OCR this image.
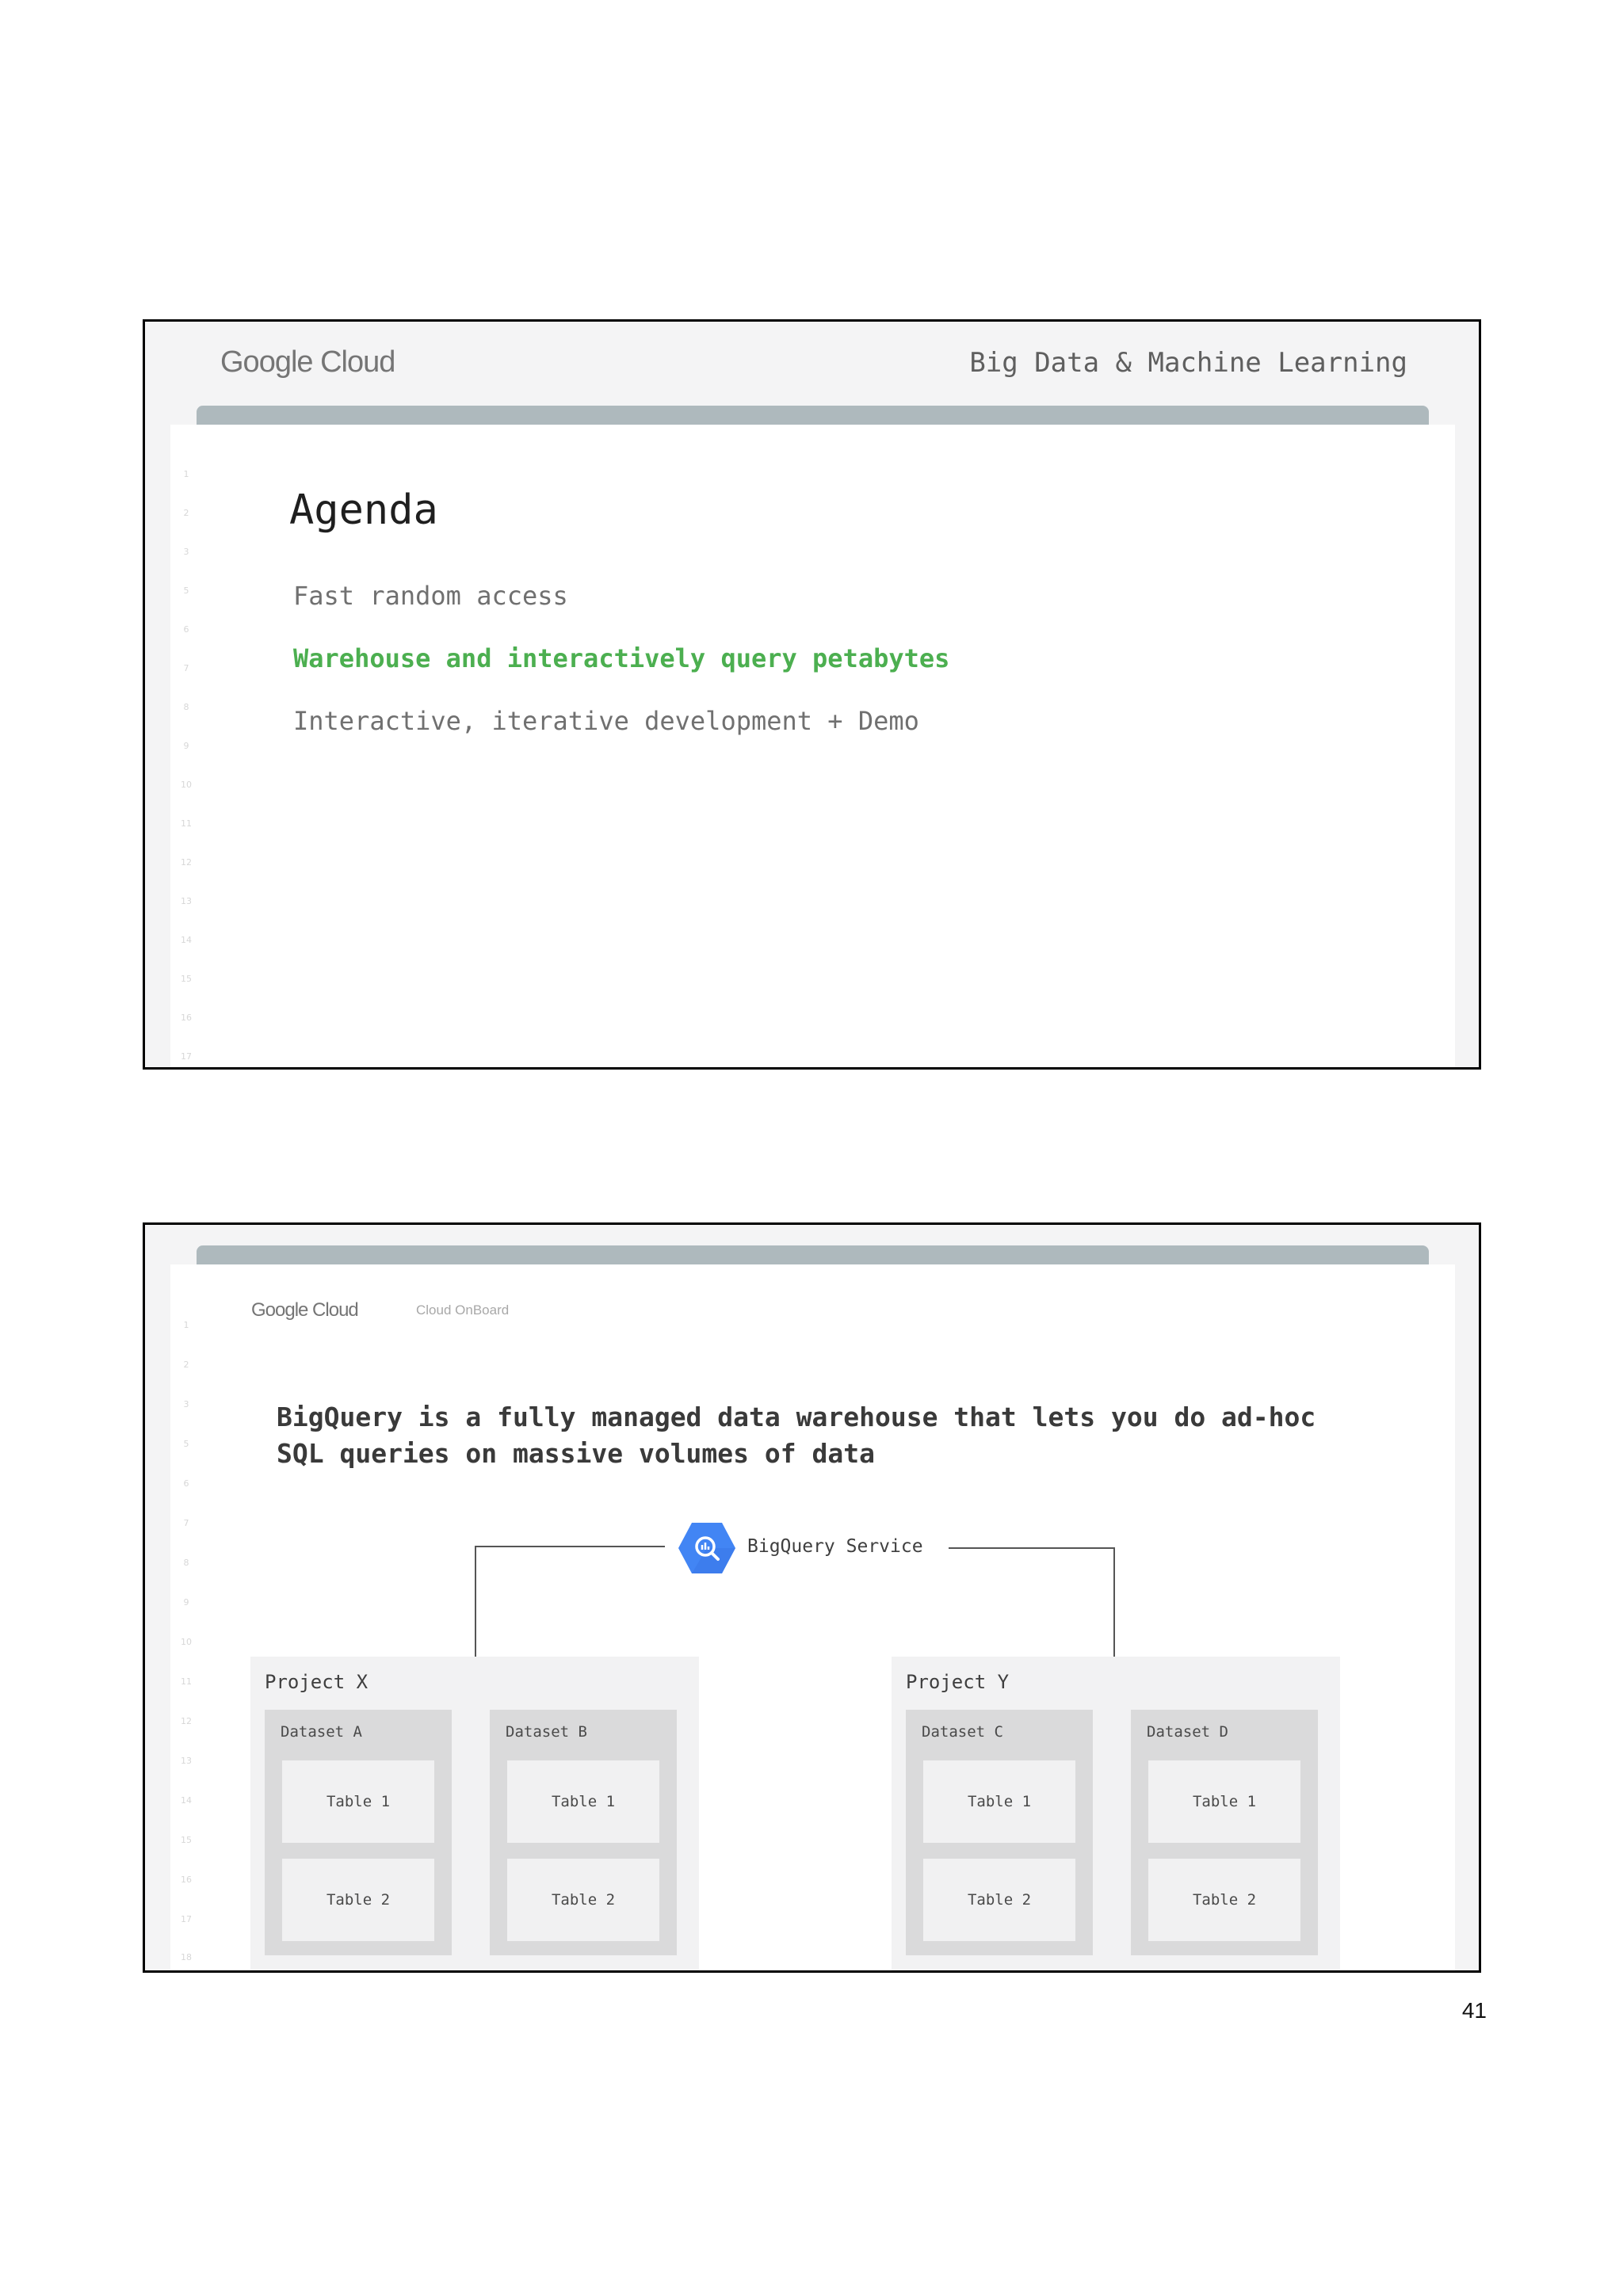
1
2
3
5
6
7
8
9
10
11
12
13
14
15
16
17
Agenda
Fast random access
Warehouse and interactively query petabytes
Interactive, iterative development + Demo
Google Cloud	Big Data & Machine Learning
1
2
3
5
6
7
8
9
10
11
12
13
14
15
16
17
18
Google Cloud	Cloud OnBoard
BigQuery is a fully managed data warehouse that lets you do ad-hoc
SQL queries on massive volumes of data
BigQuery Service
Project X
Dataset A
Table 1
Table 2
Dataset B
Table 1
Table 2
Project Y
Dataset C
Table 1
Table 2
Dataset D
Table 1
Table 2
41
